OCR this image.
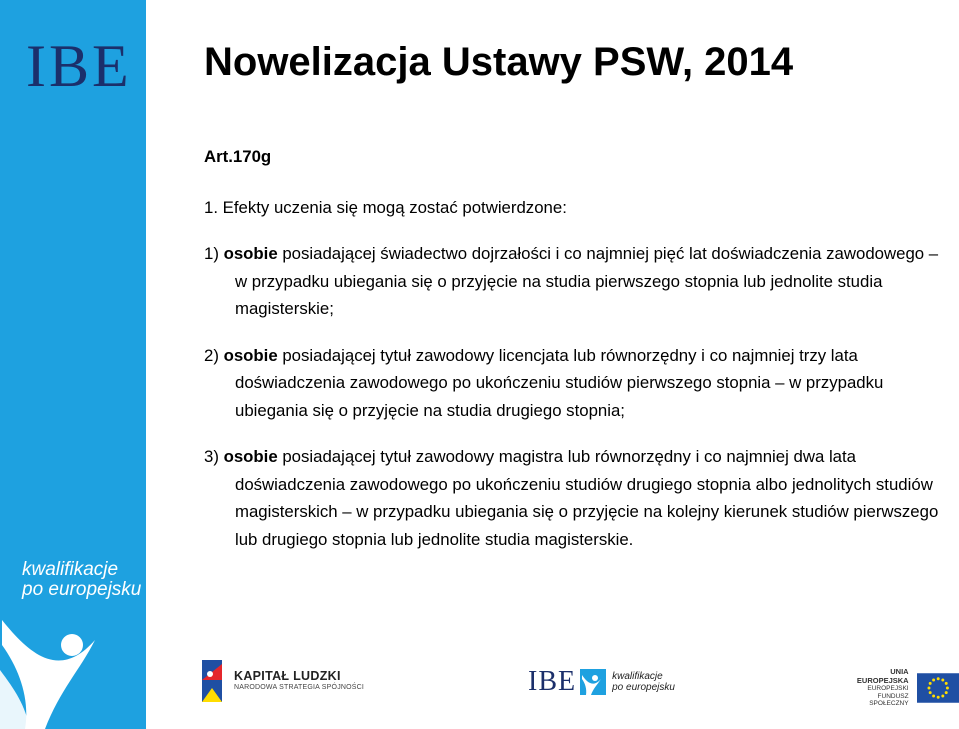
IBE
kwalifikacje
po europejsku
Nowelizacja Ustawy PSW, 2014

Art.170g

1. Efekty uczenia się mogą zostać potwierdzone:

1) osobie posiadającej świadectwo dojrzałości i co najmniej pięć lat doświadczenia zawodowego – w przypadku ubiegania się o przyjęcie na studia pierwszego stopnia lub jednolite studia magisterskie;

2) osobie posiadającej tytuł zawodowy licencjata lub równorzędny i co najmniej trzy lata doświadczenia zawodowego po ukończeniu studiów pierwszego stopnia – w przypadku ubiegania się o przyjęcie na studia drugiego stopnia;

3) osobie posiadającej tytuł zawodowy magistra lub równorzędny i co najmniej dwa lata doświadczenia zawodowego po ukończeniu studiów drugiego stopnia albo jednolitych studiów magisterskich – w przypadku ubiegania się o przyjęcie na kolejny kierunek studiów pierwszego lub drugiego stopnia lub jednolite studia magisterskie.

KAPITAŁ LUDZKI
NARODOWA STRATEGIA SPÓJNOŚCI	IBE	kwalifikacje
po europejsku
UNIA EUROPEJSKA
EUROPEJSKI
FUNDUSZ SPOŁECZNY
